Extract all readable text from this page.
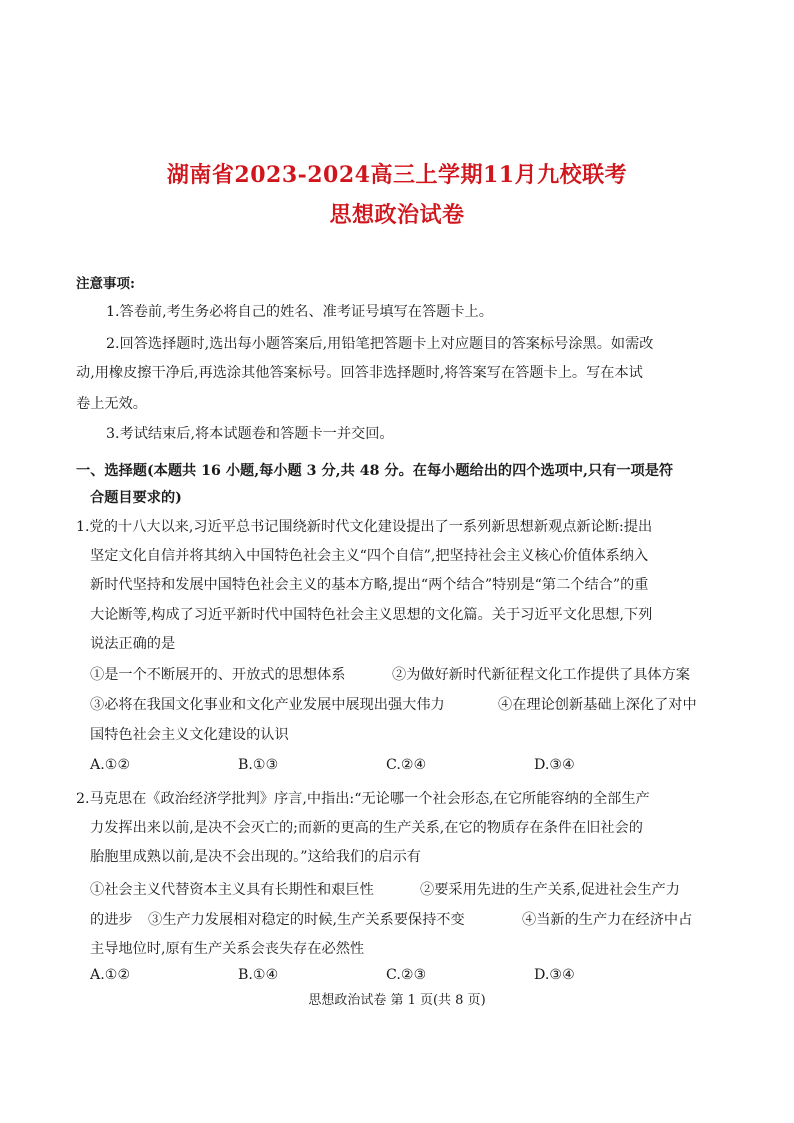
湖南省2023-2024高三上学期11月九校联考
思想政治试卷
注意事项:
1.答卷前,考生务必将自己的姓名、准考证号填写在答题卡上。
2.回答选择题时,选出每小题答案后,用铅笔把答题卡上对应题目的答案标号涂黑。如需改
动,用橡皮擦干净后,再选涂其他答案标号。回答非选择题时,将答案写在答题卡上。写在本试
卷上无效。
3.考试结束后,将本试题卷和答题卡一并交回。
一、选择题(本题共 16 小题,每小题 3 分,共 48 分。在每小题给出的四个选项中,只有一项是符
合题目要求的)
1.党的十八大以来,习近平总书记围绕新时代文化建设提出了一系列新思想新观点新论断:提出
坚定文化自信并将其纳入中国特色社会主义“四个自信”,把坚持社会主义核心价值体系纳入
新时代坚持和发展中国特色社会主义的基本方略,提出“两个结合”特别是“第二个结合”的重
大论断等,构成了习近平新时代中国特色社会主义思想的文化篇。关于习近平文化思想,下列
说法正确的是
①是一个不断展开的、开放式的思想体系	②为做好新时代新征程文化工作提供了具体方案
③必将在我国文化事业和文化产业发展中展现出强大伟力	④在理论创新基础上深化了对中
国特色社会主义文化建设的认识
A.①②	B.①③	C.②④	D.③④
2.马克思在《政治经济学批判》序言,中指出:“无论哪一个社会形态,在它所能容纳的全部生产
力发挥出来以前,是决不会灭亡的;而新的更高的生产关系,在它的物质存在条件在旧社会的
胎胞里成熟以前,是决不会出现的。”这给我们的启示有
①社会主义代替资本主义具有长期性和艰巨性	②要采用先进的生产关系,促进社会生产力
的进步 ③生产力发展相对稳定的时候,生产关系要保持不变	④当新的生产力在经济中占
主导地位时,原有生产关系会丧失存在必然性
A.①②	B.①④	C.②③	D.③④
思想政治试卷 第 1 页(共 8 页)
